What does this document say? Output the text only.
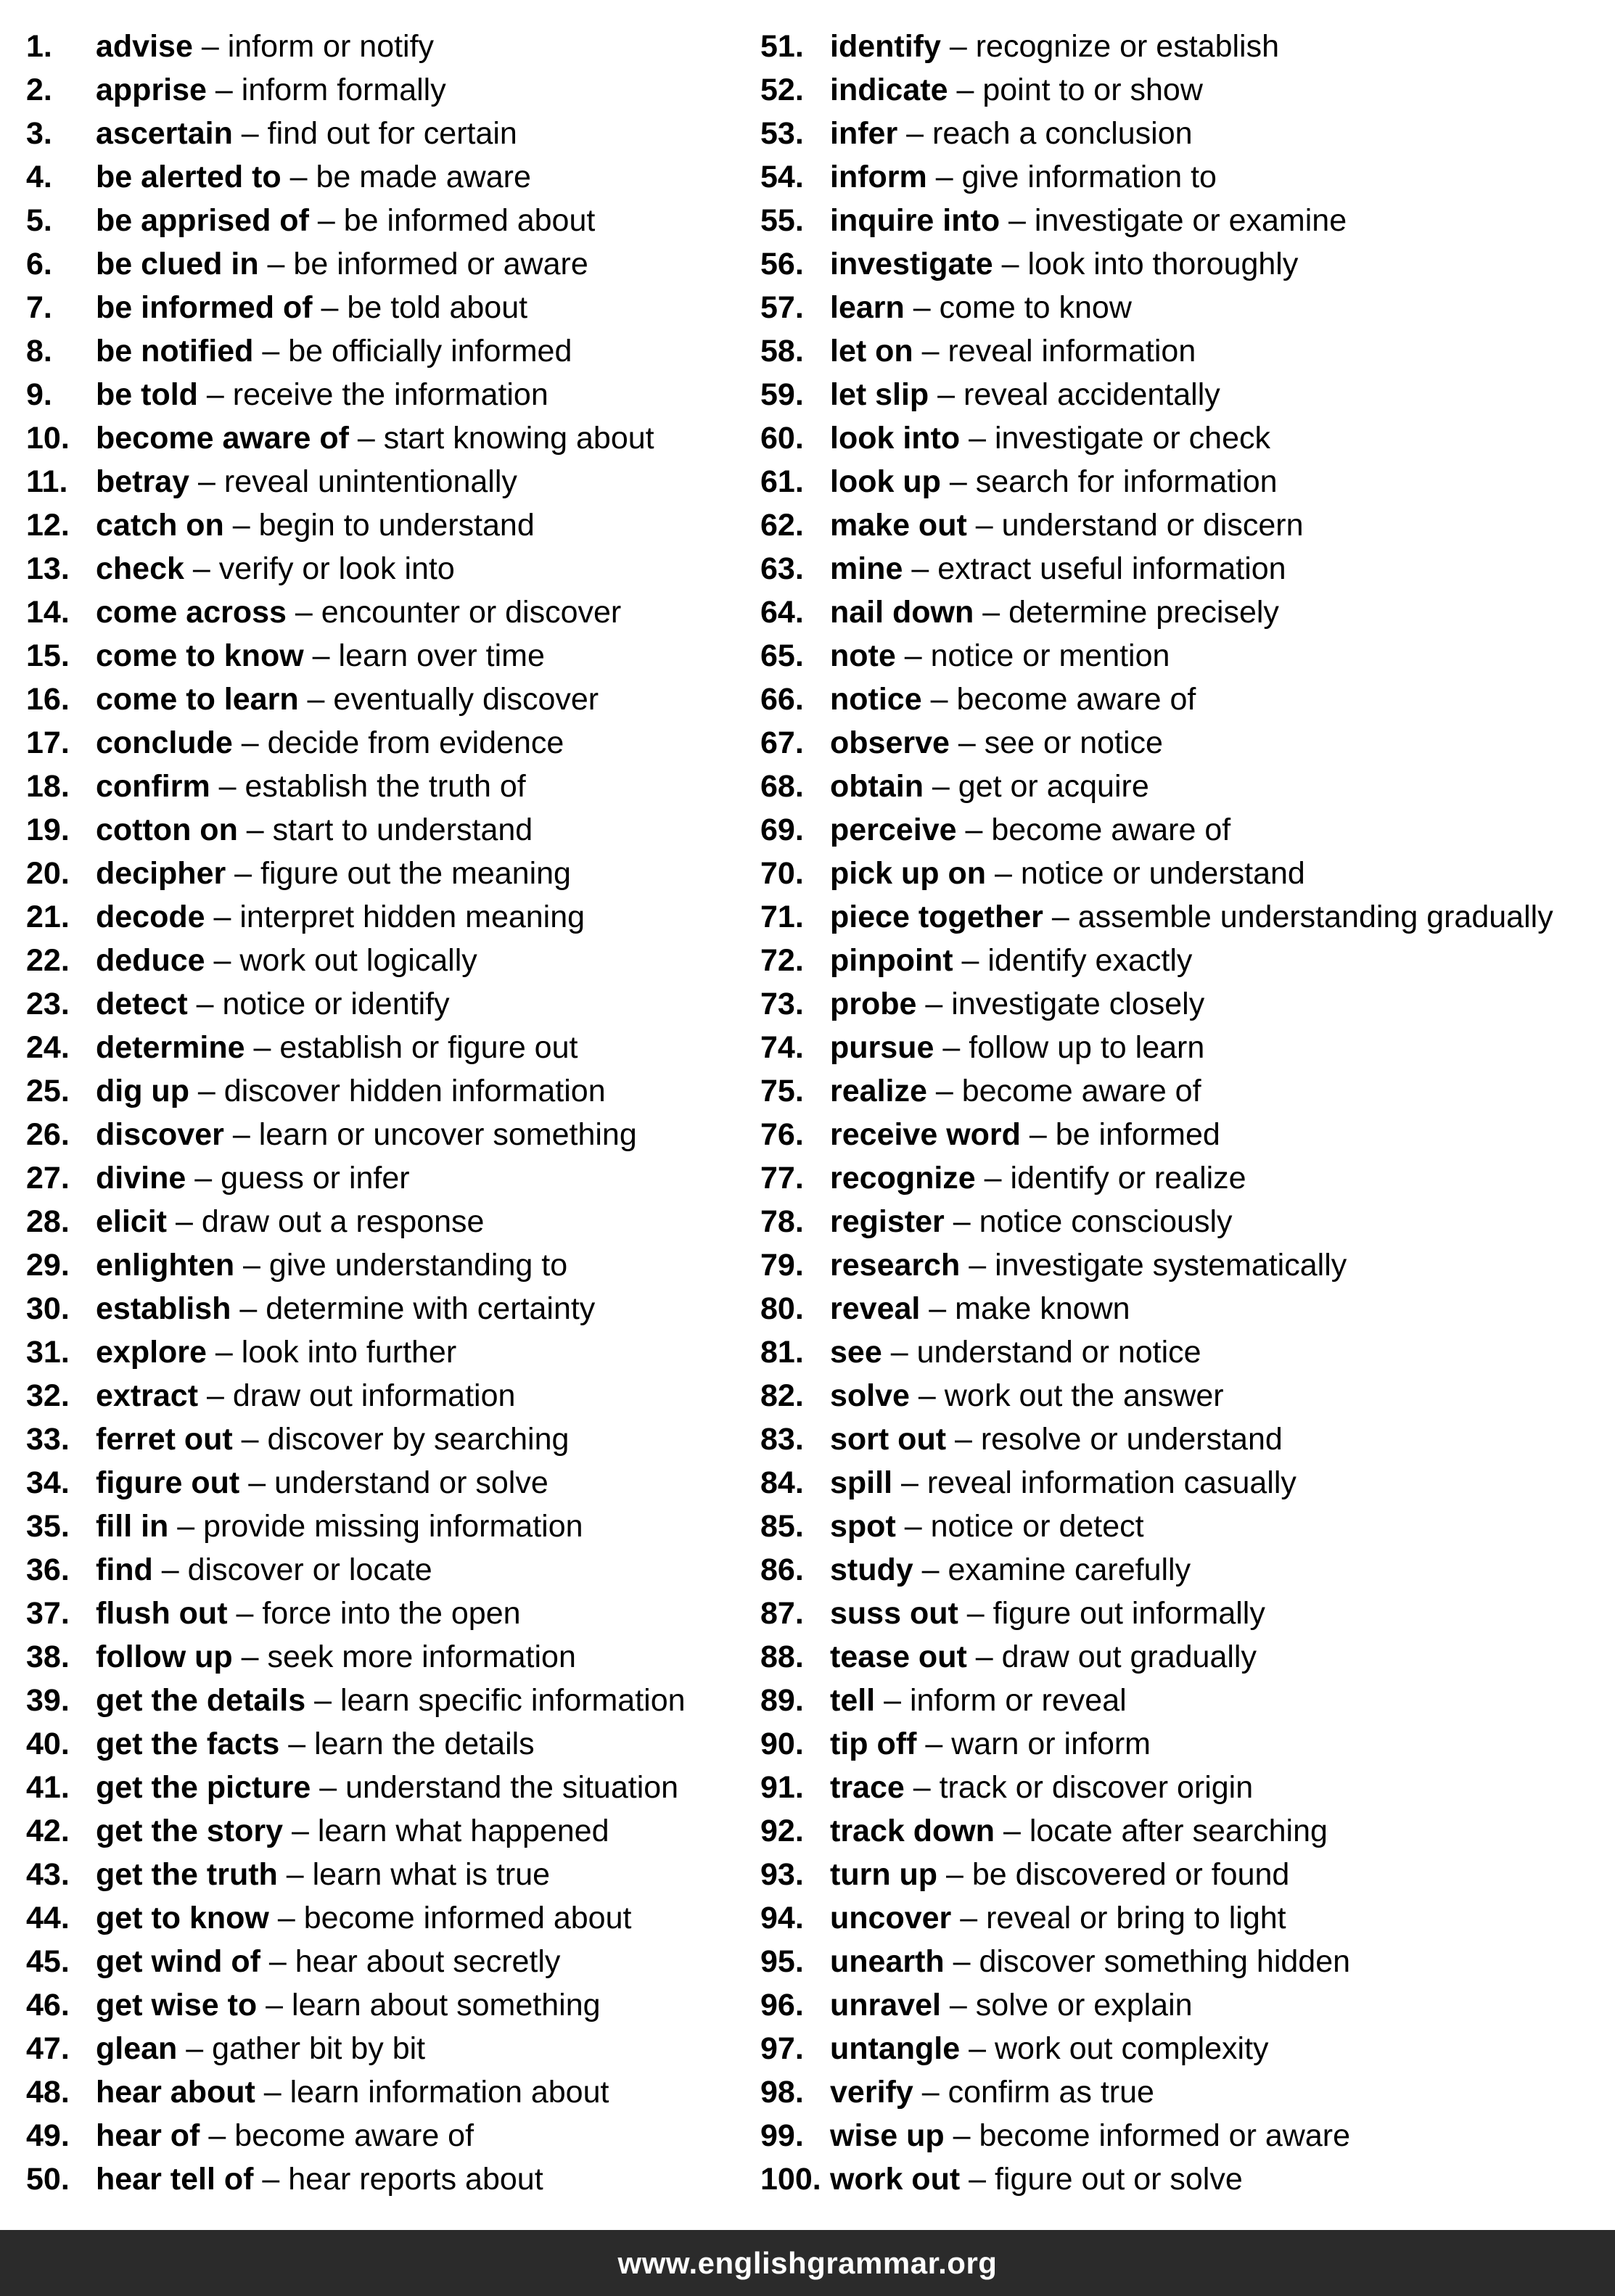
1.	advise – inform or notify
2.	apprise – inform formally
3.	ascertain – find out for certain
4.	be alerted to – be made aware
5.	be apprised of – be informed about
6.	be clued in – be informed or aware
7.	be informed of – be told about
8.	be notified – be officially informed
9.	be told – receive the information
10. become aware of – start knowing about
11. betray – reveal unintentionally
12. catch on – begin to understand
13. check – verify or look into
14. come across – encounter or discover
15. come to know – learn over time
16. come to learn – eventually discover
17. conclude – decide from evidence
18. confirm – establish the truth of
19. cotton on – start to understand
20. decipher – figure out the meaning
21. decode – interpret hidden meaning
22. deduce – work out logically
23. detect – notice or identify
24. determine – establish or figure out
25. dig up – discover hidden information
26. discover – learn or uncover something
27. divine – guess or infer
28. elicit – draw out a response
29. enlighten – give understanding to
30. establish – determine with certainty
31. explore – look into further
32. extract – draw out information
33. ferret out – discover by searching
34. figure out – understand or solve
35. fill in – provide missing information
36. find – discover or locate
37. flush out – force into the open
38. follow up – seek more information
39. get the details – learn specific information
40. get the facts – learn the details
41. get the picture – understand the situation
42. get the story – learn what happened
43. get the truth – learn what is true
44. get to know – become informed about
45. get wind of – hear about secretly
46. get wise to – learn about something
47. glean – gather bit by bit
48. hear about – learn information about
49. hear of – become aware of
50. hear tell of – hear reports about
51. identify – recognize or establish
52. indicate – point to or show
53. infer – reach a conclusion
54. inform – give information to
55. inquire into – investigate or examine
56. investigate – look into thoroughly
57. learn – come to know
58. let on – reveal information
59. let slip – reveal accidentally
60. look into – investigate or check
61. look up – search for information
62. make out – understand or discern
63. mine – extract useful information
64. nail down – determine precisely
65. note – notice or mention
66. notice – become aware of
67. observe – see or notice
68. obtain – get or acquire
69. perceive – become aware of
70. pick up on – notice or understand
71. piece together – assemble understanding gradually
72. pinpoint – identify exactly
73. probe – investigate closely
74. pursue – follow up to learn
75. realize – become aware of
76. receive word – be informed
77. recognize – identify or realize
78. register – notice consciously
79. research – investigate systematically
80. reveal – make known
81. see – understand or notice
82. solve – work out the answer
83. sort out – resolve or understand
84. spill – reveal information casually
85. spot – notice or detect
86. study – examine carefully
87. suss out – figure out informally
88. tease out – draw out gradually
89. tell – inform or reveal
90. tip off – warn or inform
91. trace – track or discover origin
92. track down – locate after searching
93. turn up – be discovered or found
94. uncover – reveal or bring to light
95. unearth – discover something hidden
96. unravel – solve or explain
97. untangle – work out complexity
98. verify – confirm as true
99. wise up – become informed or aware
100. work out – figure out or solve
www.englishgrammar.org
